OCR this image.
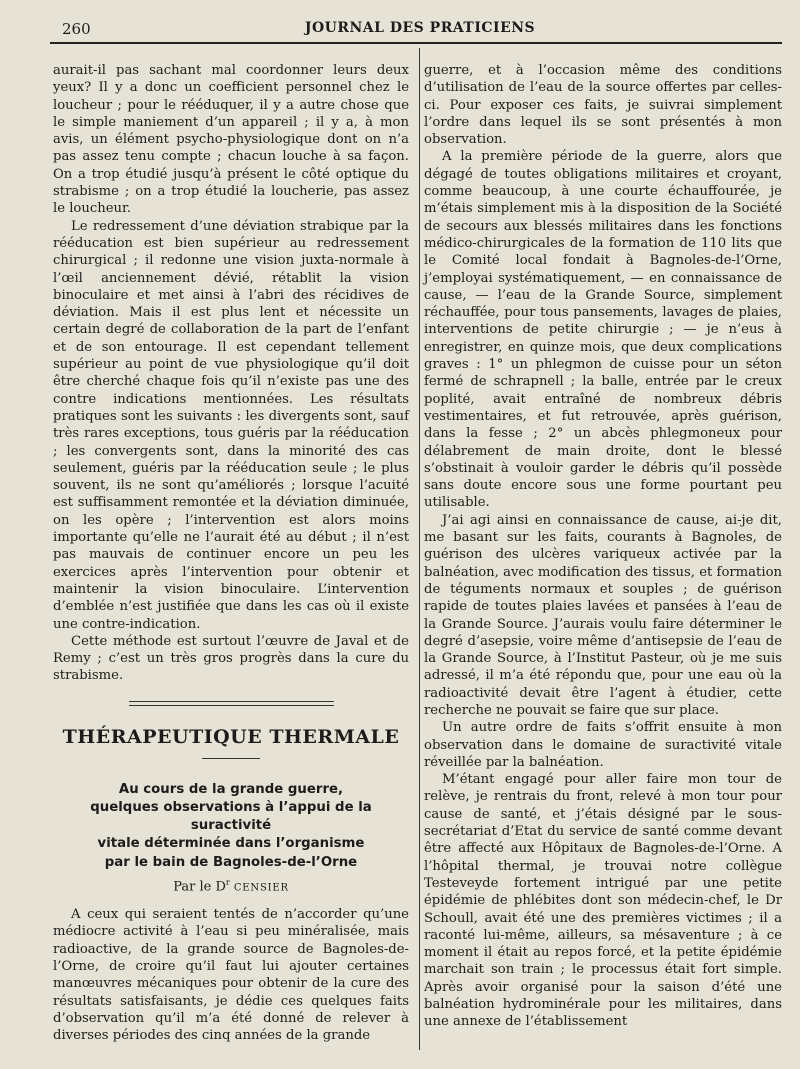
260	JOURNAL DES PRATICIENS

aurait-il pas sachant mal coordonner leurs deux yeux? Il y a donc un coefficient personnel chez le loucheur ; pour le rééduquer, il y a autre chose que le simple maniement d’un appareil ; il y a, à mon avis, un élément psycho-physiologique dont on n’a pas assez tenu compte ; chacun louche à sa façon. On a trop étudié jusqu’à présent le côté optique du strabisme ; on a trop étudié la loucherie, pas assez le loucheur.

Le redressement d’une déviation strabique par la rééducation est bien supérieur au redressement chirurgical ; il redonne une vision juxta-normale à l’œil anciennement dévié, rétablit la vision binoculaire et met ainsi à l’abri des récidives de déviation. Mais il est plus lent et nécessite un certain degré de collaboration de la part de l’enfant et de son entourage. Il est cependant tellement supérieur au point de vue physiologique qu’il doit être cherché chaque fois qu’il n’existe pas une des contre indications mentionnées. Les résultats pratiques sont les suivants : les divergents sont, sauf très rares exceptions, tous guéris par la rééducation ; les convergents sont, dans la minorité des cas seulement, guéris par la rééducation seule ; le plus souvent, ils ne sont qu’améliorés ; lorsque l’acuité est suffisamment remontée et la déviation diminuée, on les opère ; l’intervention est alors moins importante qu’elle ne l’aurait été au début ; il n’est pas mauvais de continuer encore un peu les exercices après l’intervention pour obtenir et maintenir la vision binoculaire. L’intervention d’emblée n’est justifiée que dans les cas où il existe une contre-indication.

Cette méthode est surtout l’œuvre de Javal et de Remy ; c’est un très gros progrès dans la cure du strabisme.

THÉRAPEUTIQUE THERMALE
Au cours de la grande guerre,
quelques observations à l’appui de la suractivité
vitale déterminée dans l’organisme
par le bain de Bagnoles-de-l’Orne
Par le $D^r$ CENSIER

A ceux qui seraient tentés de n’accorder qu’une médiocre activité à l’eau si peu minéralisée, mais radioactive, de la grande source de Bagnoles-de-l’Orne, de croire qu’il faut lui ajouter certaines manœuvres mécaniques pour obtenir de la cure des résultats satisfaisants, je dédie ces quelques faits d’observation qu’il m’a été donné de relever à diverses périodes des cinq années de la grande

guerre, et à l’occasion même des conditions d’utilisation de l’eau de la source offertes par celles-ci. Pour exposer ces faits, je suivrai simplement l’ordre dans lequel ils se sont présentés à mon observation.

A la première période de la guerre, alors que dégagé de toutes obligations militaires et croyant, comme beaucoup, à une courte échauffourée, je m’étais simplement mis à la disposition de la Société de secours aux blessés militaires dans les fonctions médico-chirurgicales de la formation de 110 lits que le Comité local fondait à Bagnoles-de-l’Orne, j’employai systématiquement, — en connaissance de cause, — l’eau de la Grande Source, simplement réchauffée, pour tous pansements, lavages de plaies, interventions de petite chirurgie ; — je n’eus à enregistrer, en quinze mois, que deux complications graves : 1° un phlegmon de cuisse pour un séton fermé de schrapnell ; la balle, entrée par le creux poplité, avait entraîné de nombreux débris vestimentaires, et fut retrouvée, après guérison, dans la fesse ; 2° un abcès phlegmoneux pour délabrement de main droite, dont le blessé s’obstinait à vouloir garder le débris qu’il possède sans doute encore sous une forme pourtant peu utilisable.

J’ai agi ainsi en connaissance de cause, ai-je dit, me basant sur les faits, courants à Bagnoles, de guérison des ulcères variqueux activée par la balnéation, avec modification des tissus, et formation de téguments normaux et souples ; de guérison rapide de toutes plaies lavées et pansées à l’eau de la Grande Source. J’aurais voulu faire déterminer le degré d’asepsie, voire même d’antisepsie de l’eau de la Grande Source, à l’Institut Pasteur, où je me suis adressé, il m’a été répondu que, pour une eau où la radioactivité devait être l’agent à étudier, cette recherche ne pouvait se faire que sur place.

Un autre ordre de faits s’offrit ensuite à mon observation dans le domaine de suractivité vitale réveillée par la balnéation.

M’étant engagé pour aller faire mon tour de relève, je rentrais du front, relevé à mon tour pour cause de santé, et j’étais désigné par le sous-secrétariat d’Etat du service de santé comme devant être affecté aux Hôpitaux de Bagnoles-de-l’Orne. A l’hôpital thermal, je trouvai notre collègue Testeveyde fortement intrigué par une petite épidémie de phlébites dont son médecin-chef, le Dr Schoull, avait été une des premières victimes ; il a raconté lui-même, ailleurs, sa mésaventure ; à ce moment il était au repos forcé, et la petite épidémie marchait son train ; le processus était fort simple. Après avoir organisé pour la saison d’été une balnéation hydrominérale pour les militaires, dans une annexe de l’établissement
